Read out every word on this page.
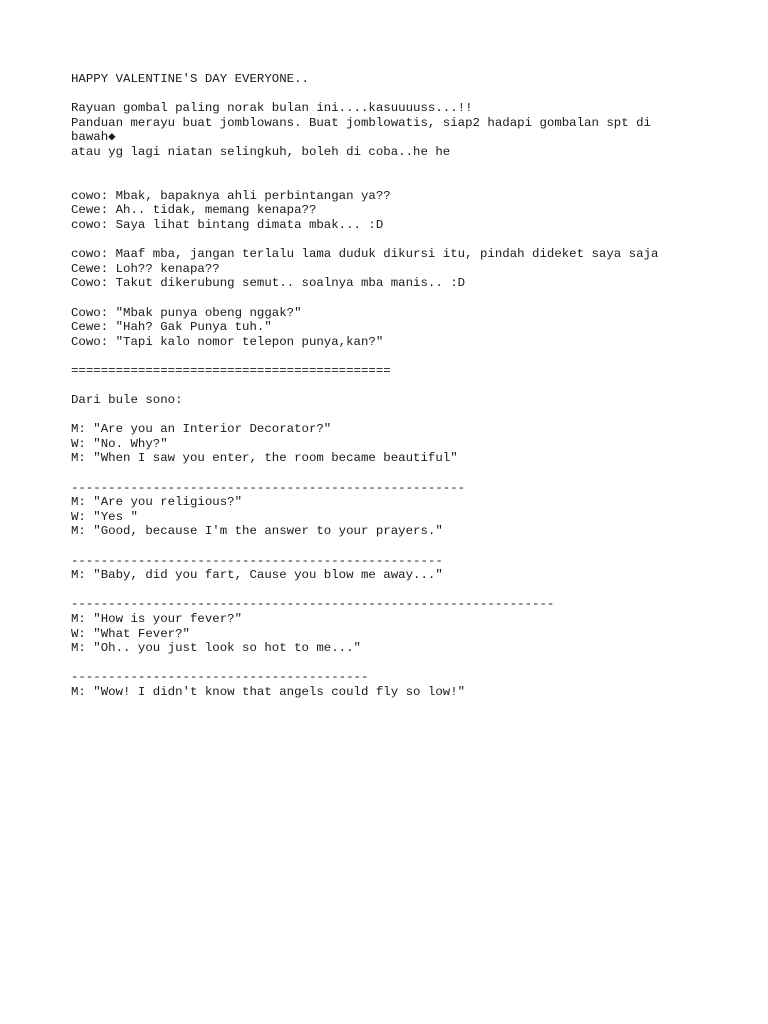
HAPPY VALENTINE'S DAY EVERYONE..
Rayuan gombal paling norak bulan ini....kasuuuuss...!!
Panduan merayu buat jomblowans. Buat jomblowatis, siap2 hadapi gombalan spt di
bawah◆
atau yg lagi niatan selingkuh, boleh di coba..he he
cowo: Mbak, bapaknya ahli perbintangan ya??
Cewe: Ah.. tidak, memang kenapa??
cowo: Saya lihat bintang dimata mbak... :D
cowo: Maaf mba, jangan terlalu lama duduk dikursi itu, pindah dideket saya saja
Cewe: Loh?? kenapa??
Cowo: Takut dikerubung semut.. soalnya mba manis.. :D
Cowo: "Mbak punya obeng nggak?"
Cewe: "Hah? Gak Punya tuh."
Cowo: "Tapi kalo nomor telepon punya,kan?"
===========================================
Dari bule sono:
M: "Are you an Interior Decorator?"
W: "No. Why?"
M: "When I saw you enter, the room became beautiful"
-----------------------------------------------------
M: "Are you religious?"
W: "Yes "
M: "Good, because I'm the answer to your prayers."
--------------------------------------------------
M: "Baby, did you fart, Cause you blow me away..."
-----------------------------------------------------------------
M: "How is your fever?"
W: "What Fever?"
M: "Oh.. you just look so hot to me..."
----------------------------------------
M: "Wow! I didn't know that angels could fly so low!"
